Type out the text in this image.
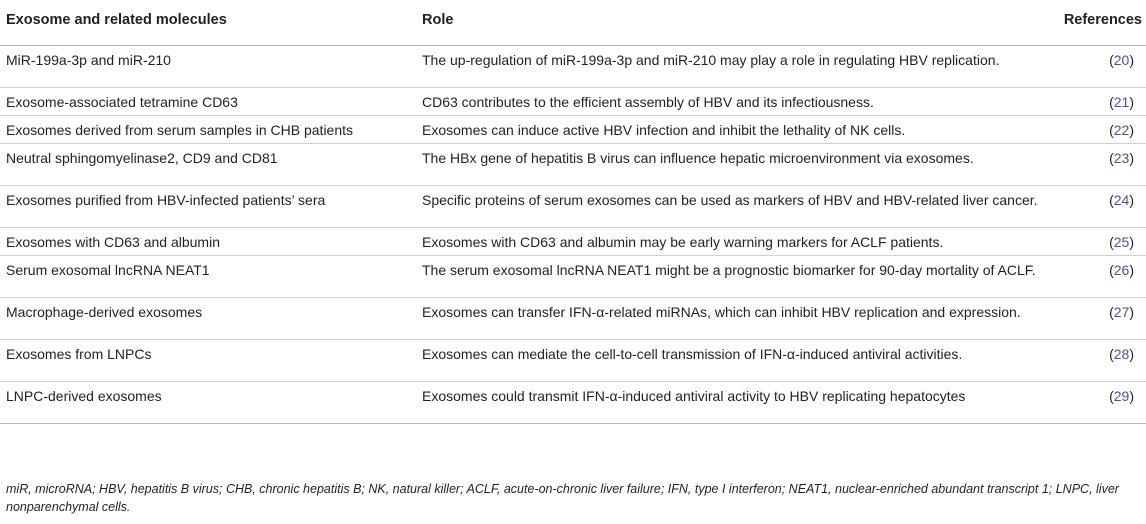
Exosome and related molecules	Role	References
MiR-199a-3p and miR-210	The up-regulation of miR-199a-3p and miR-210 may play a role in regulating HBV replication.	(20)
Exosome-associated tetramine CD63	CD63 contributes to the efficient assembly of HBV and its infectiousness.	(21)
Exosomes derived from serum samples in CHB patients	Exosomes can induce active HBV infection and inhibit the lethality of NK cells.	(22)
Neutral sphingomyelinase2, CD9 and CD81	The HBx gene of hepatitis B virus can influence hepatic microenvironment via exosomes.	(23)
Exosomes purified from HBV-infected patients’ sera	Specific proteins of serum exosomes can be used as markers of HBV and HBV-related liver cancer.	(24)
Exosomes with CD63 and albumin	Exosomes with CD63 and albumin may be early warning markers for ACLF patients.	(25)
Serum exosomal lncRNA NEAT1	The serum exosomal lncRNA NEAT1 might be a prognostic biomarker for 90-day mortality of ACLF.	(26)
Macrophage-derived exosomes	Exosomes can transfer IFN-α-related miRNAs, which can inhibit HBV replication and expression.	(27)
Exosomes from LNPCs	Exosomes can mediate the cell-to-cell transmission of IFN-α-induced antiviral activities.	(28)
LNPC-derived exosomes	Exosomes could transmit IFN-α-induced antiviral activity to HBV replicating hepatocytes	(29)
miR, microRNA; HBV, hepatitis B virus; CHB, chronic hepatitis B; NK, natural killer; ACLF, acute-on-chronic liver failure; IFN, type I interferon; NEAT1, nuclear-enriched abundant transcript 1; LNPC, liver nonparenchymal cells.
